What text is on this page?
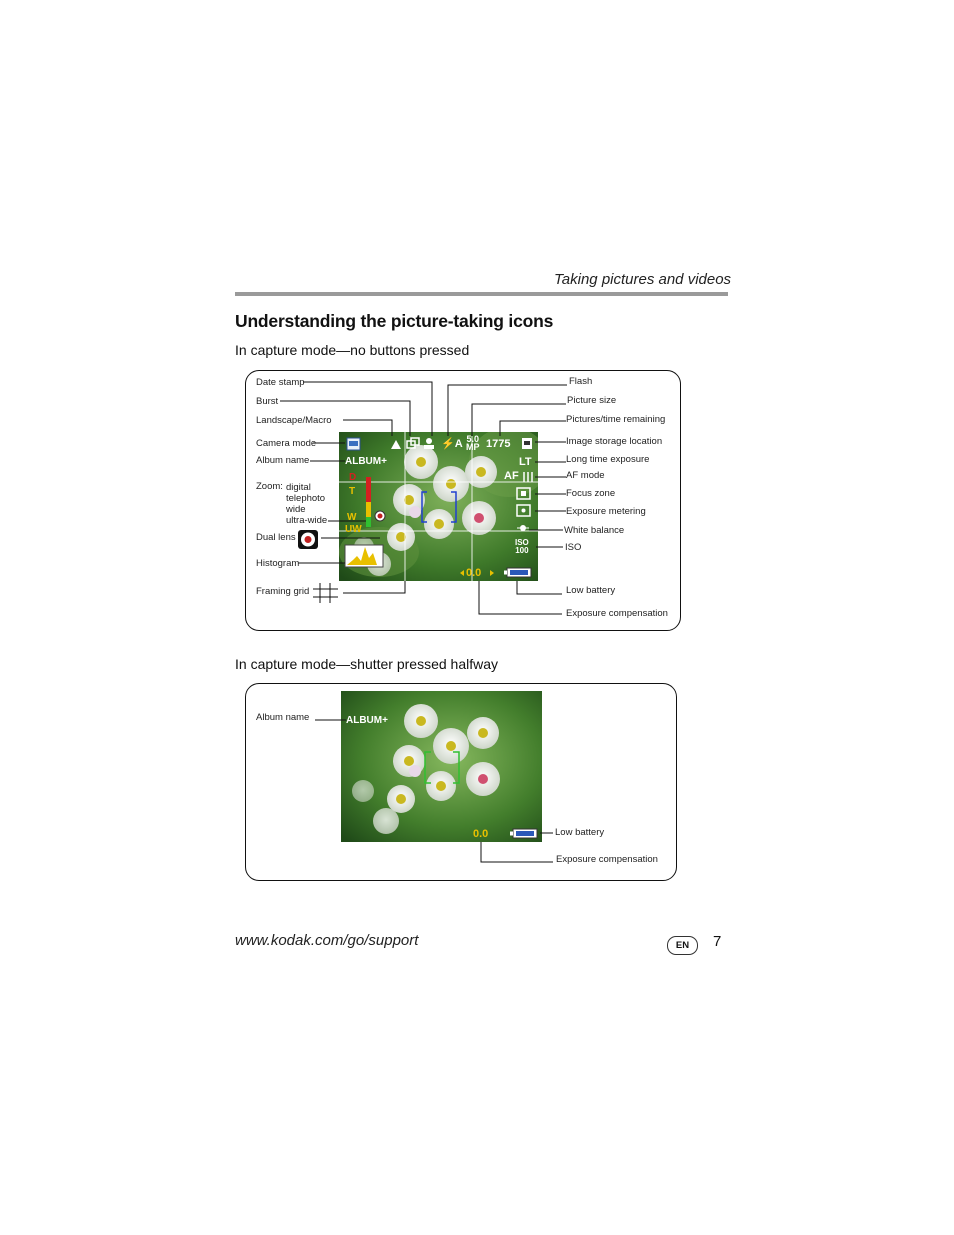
Taking pictures and videos
Understanding the picture-taking icons
In capture mode—no buttons pressed
ALBUM+
⚡A 5.0
MP 1775
LT
AF
ISO
100
0.0
D
T
W
UW
Date stamp
Burst
Landscape/Macro
Camera mode
Album name
Zoom: digital
telephoto
wide
ultra-wide
Dual lens
Histogram
Framing grid
Flash
Picture size
Pictures/time remaining
Image storage location
Long time exposure
AF mode
Focus zone
Exposure metering
White balance
ISO
Low battery
Exposure compensation
In capture mode—shutter pressed halfway
ALBUM+
0.0
Album name
Low battery
Exposure compensation
www.kodak.com/go/support	EN	7
